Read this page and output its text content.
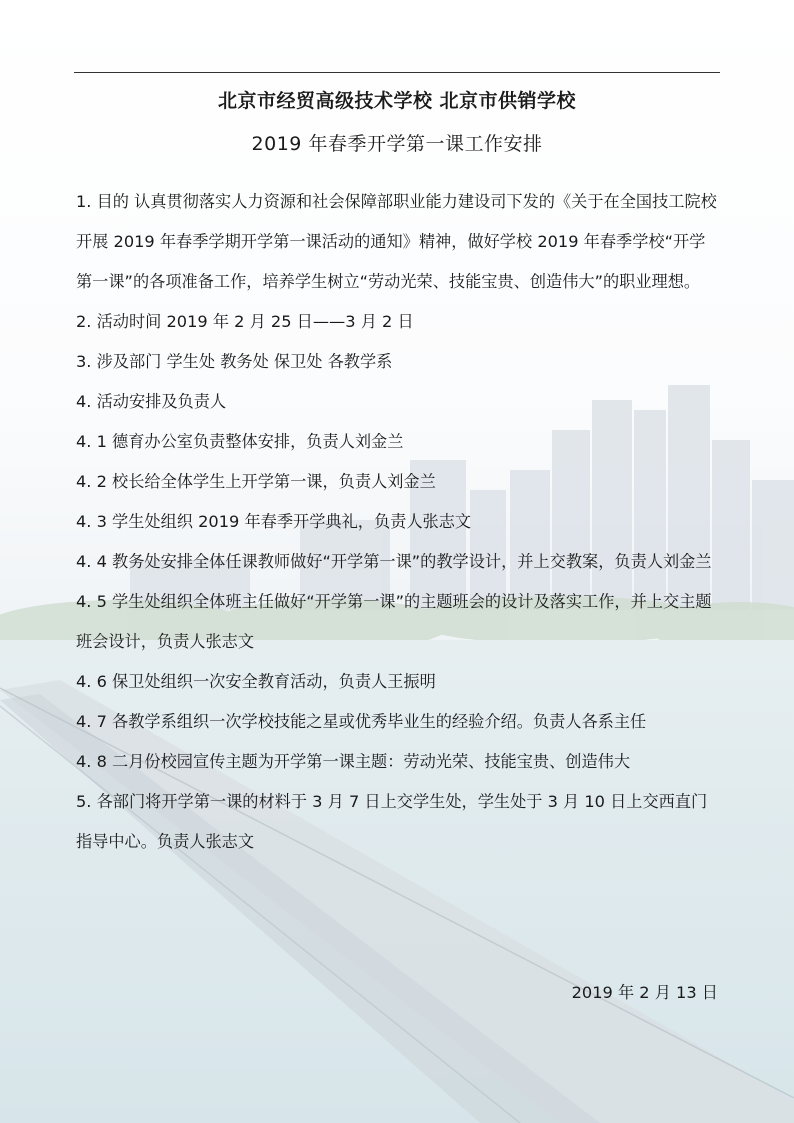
北京市经贸高级技术学校 北京市供销学校
2019 年春季开学第一课工作安排

1. 目的 认真贯彻落实人力资源和社会保障部职业能力建设司下发的《关于在全国技工院校开展 2019 年春季学期开学第一课活动的通知》精神，做好学校 2019 年春季学校“开学第一课”的各项准备工作，培养学生树立“劳动光荣、技能宝贵、创造伟大”的职业理想。

2. 活动时间 2019 年 2 月 25 日——3 月 2 日

3. 涉及部门 学生处 教务处 保卫处 各教学系

4. 活动安排及负责人

4. 1 德育办公室负责整体安排，负责人刘金兰

4. 2 校长给全体学生上开学第一课，负责人刘金兰

4. 3 学生处组织 2019 年春季开学典礼，负责人张志文

4. 4 教务处安排全体任课教师做好“开学第一课”的教学设计，并上交教案，负责人刘金兰

4. 5 学生处组织全体班主任做好“开学第一课”的主题班会的设计及落实工作，并上交主题班会设计，负责人张志文

4. 6 保卫处组织一次安全教育活动，负责人王振明

4. 7 各教学系组织一次学校技能之星或优秀毕业生的经验介绍。负责人各系主任

4. 8 二月份校园宣传主题为开学第一课主题：劳动光荣、技能宝贵、创造伟大

5. 各部门将开学第一课的材料于 3 月 7 日上交学生处，学生处于 3 月 10 日上交西直门指导中心。负责人张志文

2019 年 2 月 13 日
